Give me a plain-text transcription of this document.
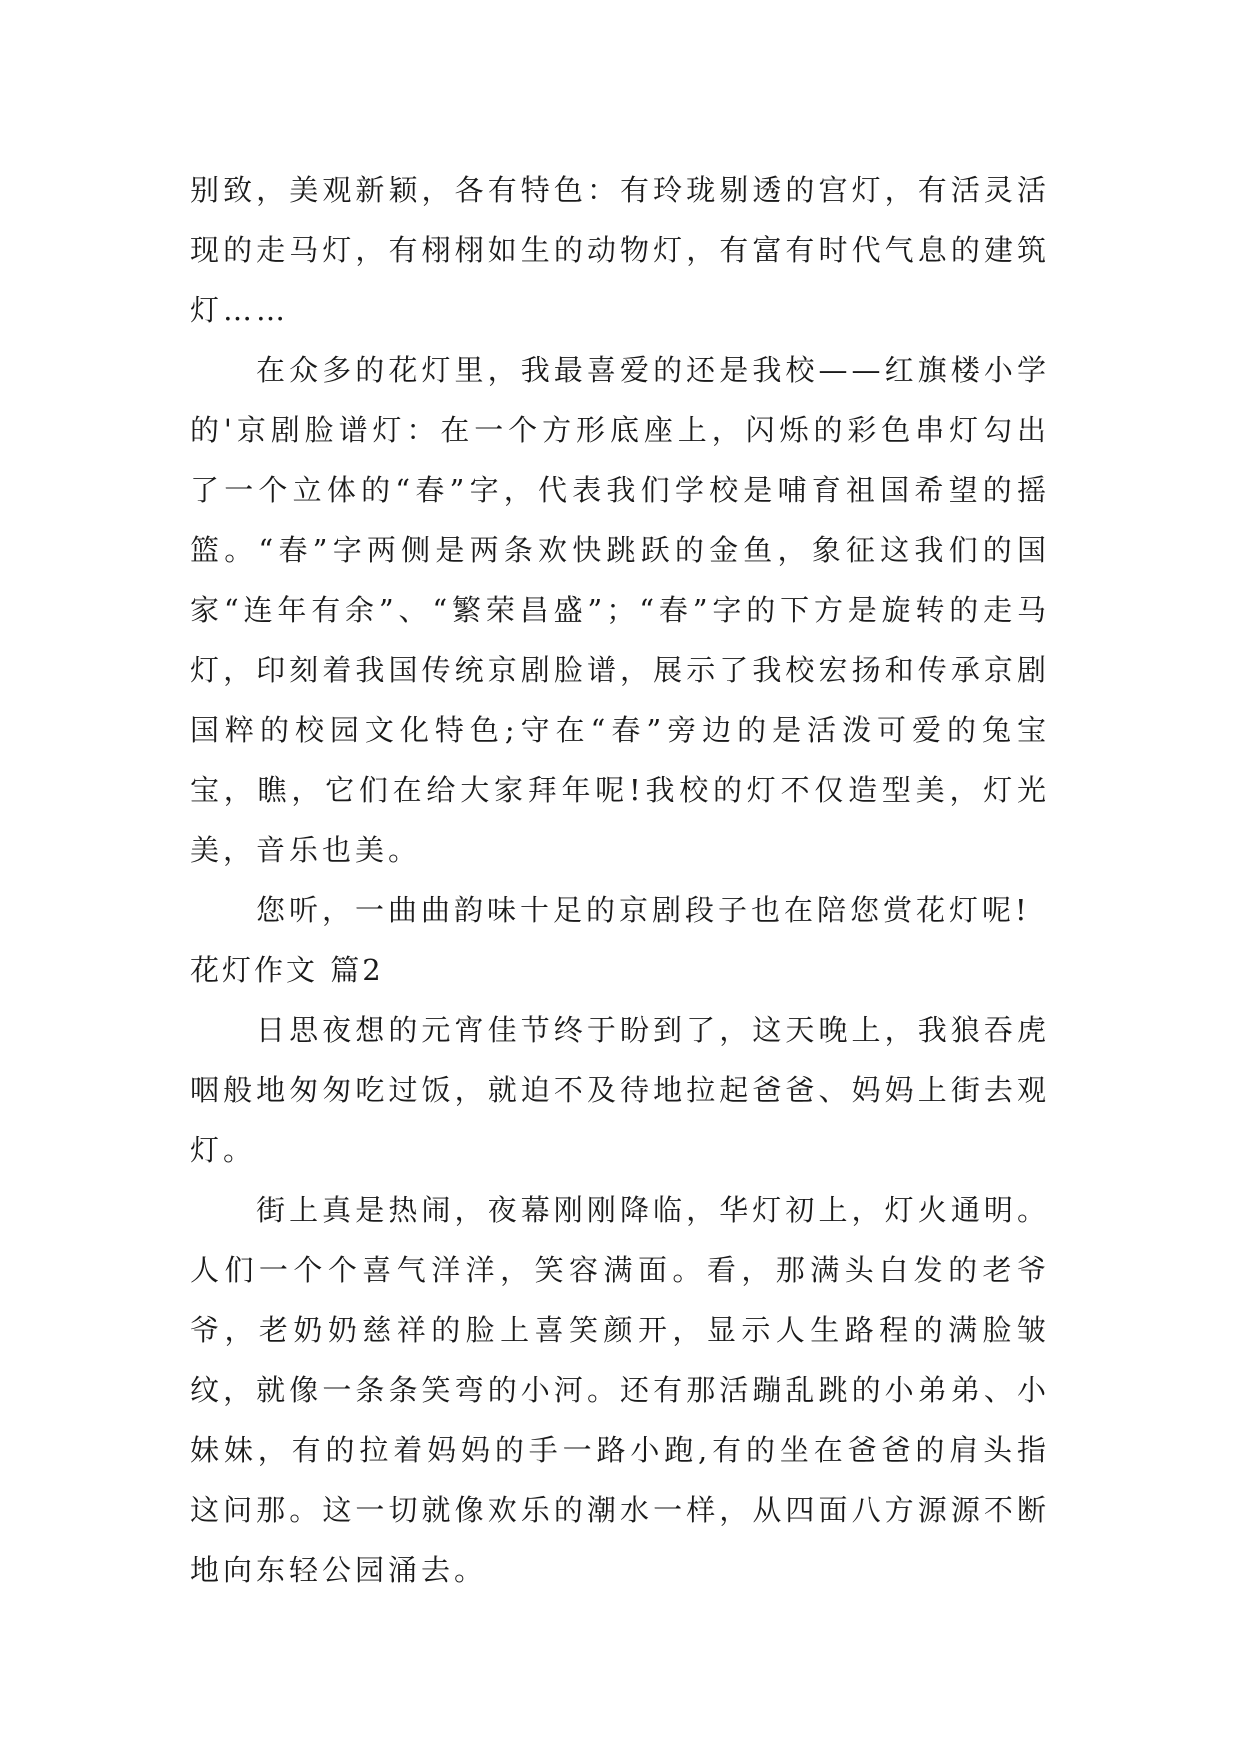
别致，美观新颖，各有特色：有玲珑剔透的宫灯，有活灵活现的走马灯，有栩栩如生的动物灯，有富有时代气息的建筑灯……

在众多的花灯里，我最喜爱的还是我校——红旗楼小学的'京剧脸谱灯：在一个方形底座上，闪烁的彩色串灯勾出了一个立体的“春”字，代表我们学校是哺育祖国希望的摇篮。“春”字两侧是两条欢快跳跃的金鱼，象征这我们的国家“连年有余”、“繁荣昌盛”；“春”字的下方是旋转的走马灯，印刻着我国传统京剧脸谱，展示了我校宏扬和传承京剧国粹的校园文化特色;守在“春”旁边的是活泼可爱的兔宝宝，瞧，它们在给大家拜年呢!我校的灯不仅造型美，灯光美，音乐也美。

您听，一曲曲韵味十足的京剧段子也在陪您赏花灯呢!

花灯作文 篇2

日思夜想的元宵佳节终于盼到了，这天晚上，我狼吞虎咽般地匆匆吃过饭，就迫不及待地拉起爸爸、妈妈上街去观灯。

街上真是热闹，夜幕刚刚降临，华灯初上，灯火通明。人们一个个喜气洋洋，笑容满面。看，那满头白发的老爷爷，老奶奶慈祥的脸上喜笑颜开，显示人生路程的满脸皱纹，就像一条条笑弯的小河。还有那活蹦乱跳的小弟弟、小妹妹，有的拉着妈妈的手一路小跑,有的坐在爸爸的肩头指这问那。这一切就像欢乐的潮水一样，从四面八方源源不断地向东轻公园涌去。
